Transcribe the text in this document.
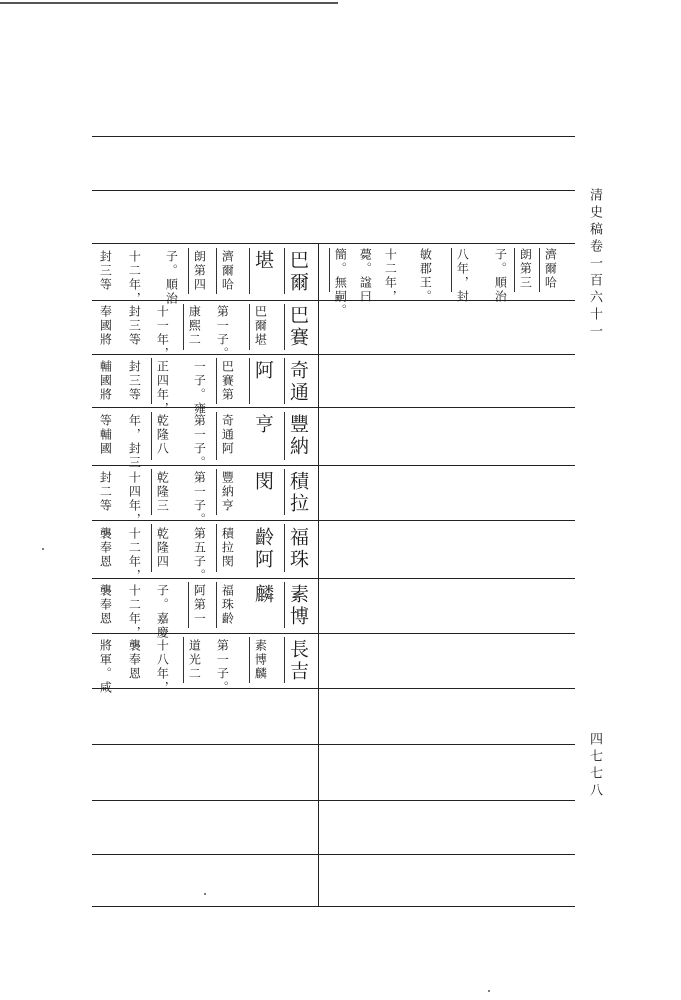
清史稿卷一百六十一
四七七八
濟爾哈
朗第三
子。順治
八年，封
敏郡王。
十二年，
薨。諡曰
簡。無嗣。
巴爾
堪
濟爾哈
朗第四
子。順治
十二年，
封三等
巴賽
巴爾堪
第一子。
康熙二
十一年，
封三等
奉國將
奇通
阿
巴賽第
一子。雍
正四年，
封三等
輔國將
豐納
亨
奇通阿
第一子。
乾隆八
年，封三
等輔國
積拉
閔
豐納亨
第一子。
乾隆三
十四年，
封二等
福珠
齡阿
積拉閔
第五子。
乾隆四
十二年，
襲奉恩
素博
麟
福珠齡
阿第一
子。嘉慶
十二年，
襲奉恩
長吉
素博麟
第一子。
道光二
十八年，
襲奉恩
將軍。咸
